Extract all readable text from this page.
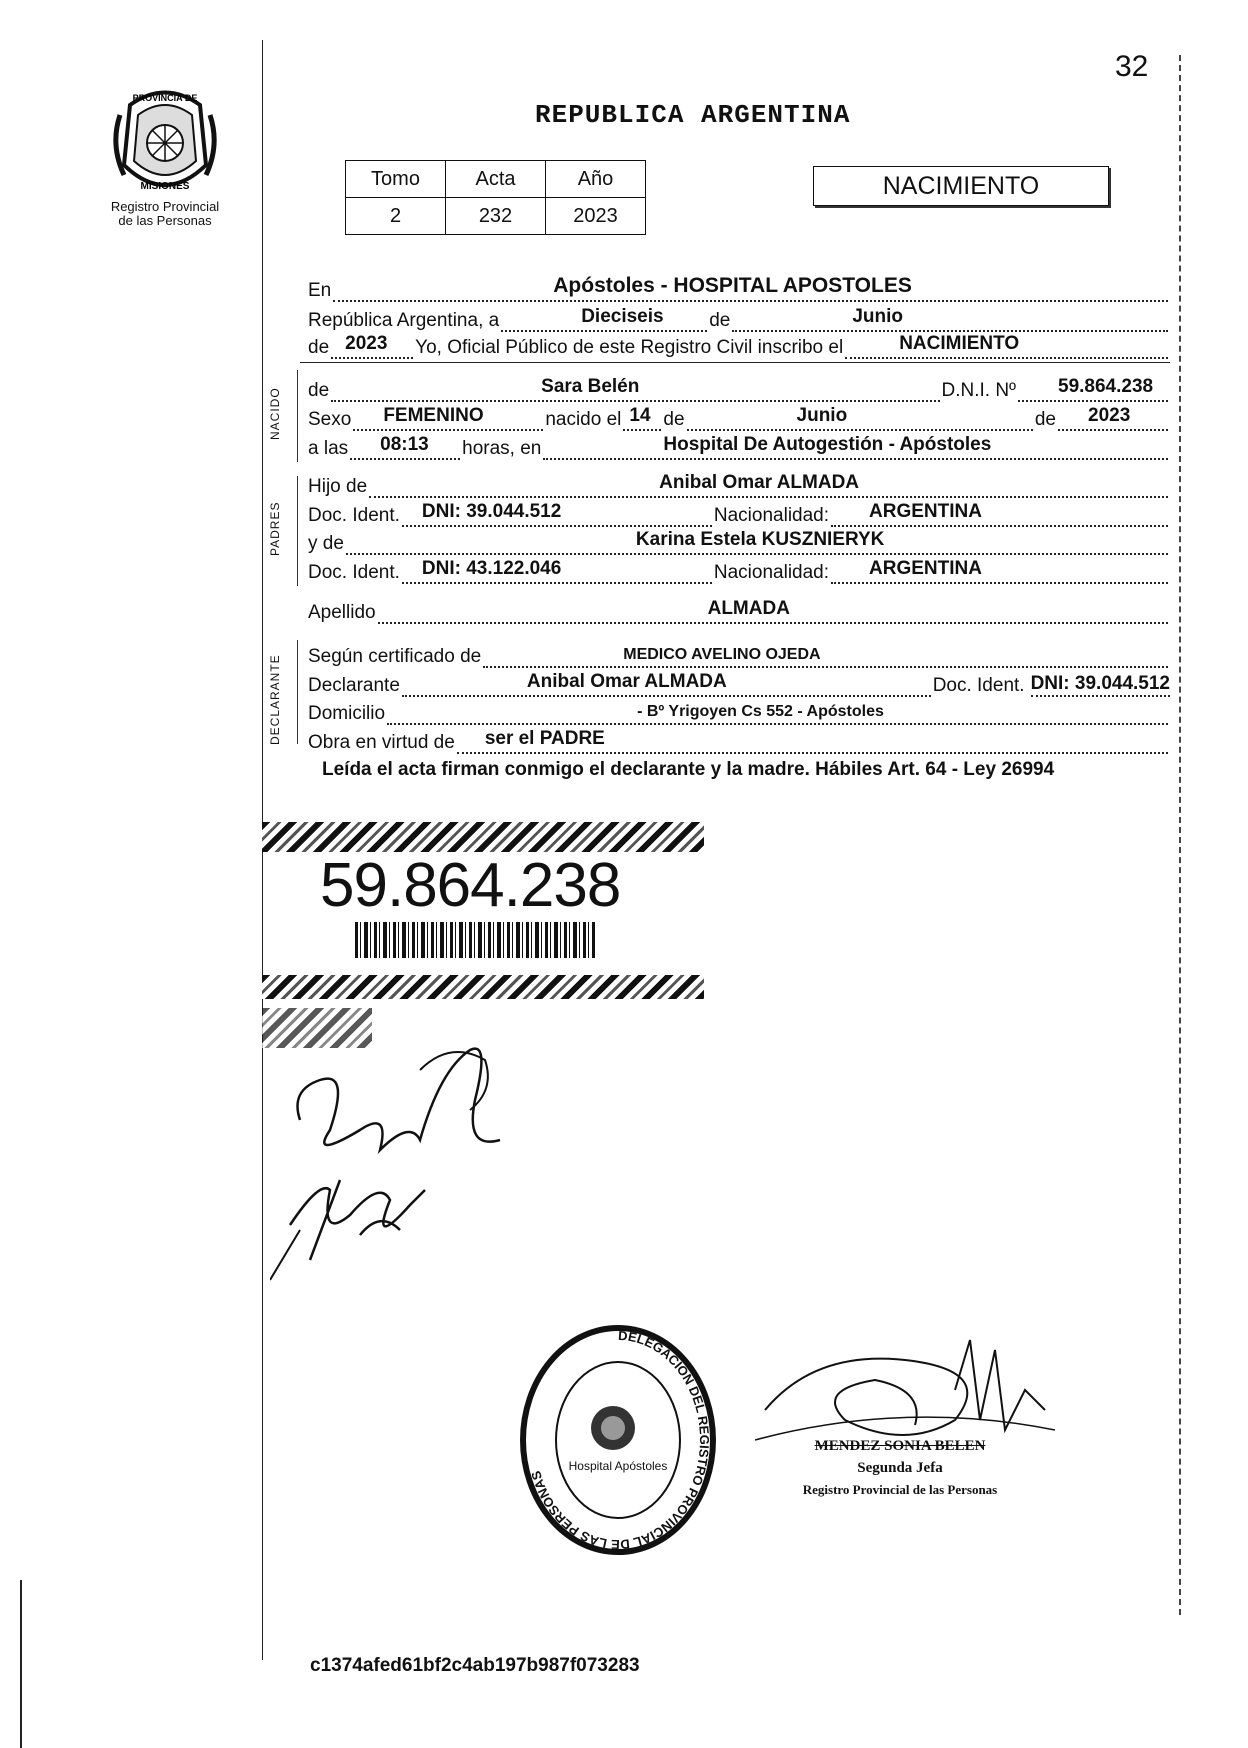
32
PROVINCIA DE
MISIONES
Registro Provincial
de las Personas
REPUBLICA ARGENTINA
Tomo	Acta	Año
2	232	2023
NACIMIENTO
En	Apóstoles - HOSPITAL APOSTOLES
República Argentina, a	Dieciseis de	Junio
de 2023 Yo, Oficial Público de este Registro Civil inscribo el	NACIMIENTO
NACIDO de	Sara Belén	D.N.I. Nº 59.864.238
Sexo FEMENINO	nacido el 14 de	Junio	de 2023
a las 08:13 horas, en	Hospital De Autogestión - Apóstoles
PADRES
Hijo de	Anibal Omar ALMADA
Doc. Ident. DNI: 39.044.512	Nacionalidad: ARGENTINA
y de	Karina Estela KUSZNIERYK
Doc. Ident. DNI: 43.122.046	Nacionalidad: ARGENTINA
Apellido	ALMADA
DECLARANTE Según certificado de	MEDICO AVELINO OJEDA
Declarante	Anibal Omar ALMADA	Doc. Ident. DNI: 39.044.512
Domicilio	- Bº Yrigoyen Cs 552 - Apóstoles
Obra en virtud de ser el PADRE
Leída el acta firman conmigo el declarante y la madre. Hábiles Art. 64 - Ley 26994
59.864.238
DELEGACION DEL REGISTRO PROVINCIAL DE LAS PERSONAS
Hospital Apóstoles
MENDEZ SONIA BELEN
Segunda Jefa
Registro Provincial de las Personas
c1374afed61bf2c4ab197b987f073283
